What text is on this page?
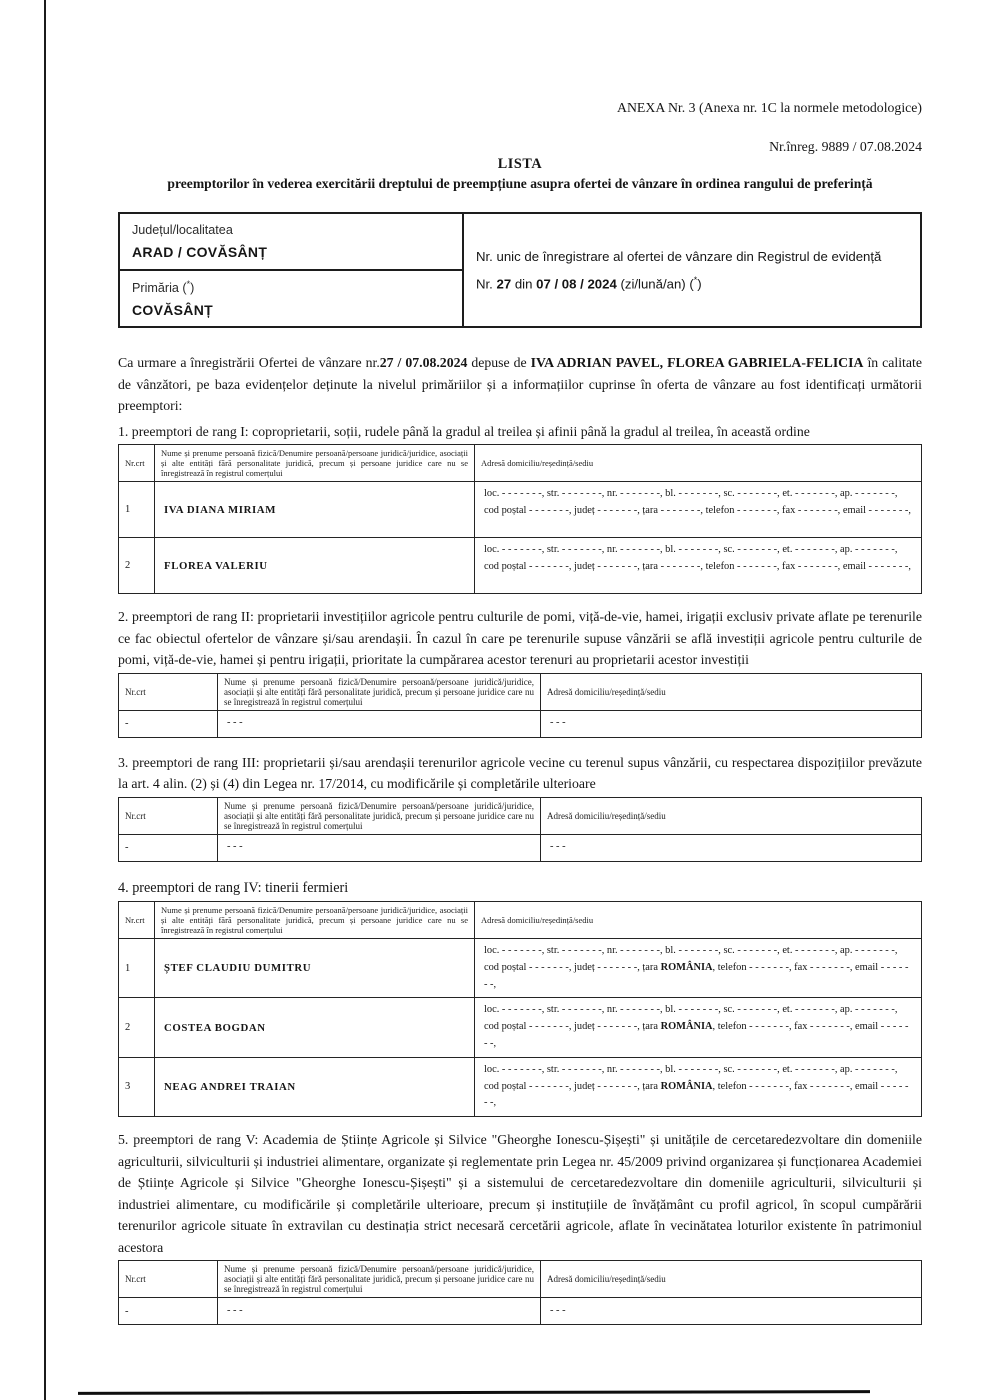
ANEXA Nr. 3 (Anexa nr. 1C la normele metodologice)
Nr.înreg. 9889 / 07.08.2024
LISTA
preemptorilor în vederea exercitării dreptului de preempțiune asupra ofertei de vânzare în ordinea rangului de preferință
Județul/localitatea
ARAD / COVĂSÂNȚ	Nr. unic de înregistrare al ofertei de vânzare din Registrul de evidență
Nr. 27 din 07 / 08 / 2024 (zi/lună/an) (*)

Primăria (*)
COVĂSÂNȚ

Ca urmare a înregistrării Ofertei de vânzare nr.27 / 07.08.2024 depuse de IVA ADRIAN PAVEL, FLOREA GABRIELA-FELICIA în calitate de vânzători, pe baza evidențelor deținute la nivelul primăriilor și a informațiilor cuprinse în oferta de vânzare au fost identificați următorii preemptori:

1. preemptori de rang I: coproprietarii, soții, rudele până la gradul al treilea și afinii până la gradul al treilea, în această ordine

Nr.crt	Nume și prenume persoană fizică/Denumire persoană/persoane juridică/juridice, asociații și alte entități fără personalitate juridică, precum și persoane juridice care nu se înregistrează în registrul comerțului	Adresă domiciliu/reședință/sediu
1	IVA DIANA MIRIAM	loc. - - - - - - -, str. - - - - - - -, nr. - - - - - - -, bl. - - - - - - -, sc. - - - - - - -, et. - - - - - - -, ap. - - - - - - -, cod poștal - - - - - - -, județ - - - - - - -, țara - - - - - - -, telefon - - - - - - -, fax - - - - - - -, email - - - - - - -,
2	FLOREA VALERIU	loc. - - - - - - -, str. - - - - - - -, nr. - - - - - - -, bl. - - - - - - -, sc. - - - - - - -, et. - - - - - - -, ap. - - - - - - -, cod poștal - - - - - - -, județ - - - - - - -, țara - - - - - - -, telefon - - - - - - -, fax - - - - - - -, email - - - - - - -,

2. preemptori de rang II: proprietarii investițiilor agricole pentru culturile de pomi, viță-de-vie, hamei, irigații exclusiv private aflate pe terenurile ce fac obiectul ofertelor de vânzare și/sau arendașii. În cazul în care pe terenurile supuse vânzării se află investiții agricole pentru culturile de pomi, viță-de-vie, hamei și pentru irigații, prioritate la cumpărarea acestor terenuri au proprietarii acestor investiții

Nr.crt	Nume și prenume persoană fizică/Denumire persoană/persoane juridică/juridice, asociații și alte entități fără personalitate juridică, precum și persoane juridice care nu se înregistrează în registrul comerțului	Adresă domiciliu/reședință/sediu
-	- - -	- - -

3. preemptori de rang III: proprietarii și/sau arendașii terenurilor agricole vecine cu terenul supus vânzării, cu respectarea dispozițiilor prevăzute la art. 4 alin. (2) și (4) din Legea nr. 17/2014, cu modificările și completările ulterioare

Nr.crt	Nume și prenume persoană fizică/Denumire persoană/persoane juridică/juridice, asociații și alte entități fără personalitate juridică, precum și persoane juridice care nu se înregistrează în registrul comerțului	Adresă domiciliu/reședință/sediu
-	- - -	- - -

4. preemptori de rang IV: tinerii fermieri

Nr.crt	Nume și prenume persoană fizică/Denumire persoană/persoane juridică/juridice, asociații și alte entități fără personalitate juridică, precum și persoane juridice care nu se înregistrează în registrul comerțului	Adresă domiciliu/reședință/sediu
1	ȘTEF CLAUDIU DUMITRU	loc. - - - - - - -, str. - - - - - - -, nr. - - - - - - -, bl. - - - - - - -, sc. - - - - - - -, et. - - - - - - -, ap. - - - - - - -, cod poștal - - - - - - -, județ - - - - - - -, țara ROMÂNIA, telefon - - - - - - -, fax - - - - - - -, email - - - - - - -,
2	COSTEA BOGDAN	loc. - - - - - - -, str. - - - - - - -, nr. - - - - - - -, bl. - - - - - - -, sc. - - - - - - -, et. - - - - - - -, ap. - - - - - - -, cod poștal - - - - - - -, județ - - - - - - -, țara ROMÂNIA, telefon - - - - - - -, fax - - - - - - -, email - - - - - - -,
3	NEAG ANDREI TRAIAN	loc. - - - - - - -, str. - - - - - - -, nr. - - - - - - -, bl. - - - - - - -, sc. - - - - - - -, et. - - - - - - -, ap. - - - - - - -, cod poștal - - - - - - -, județ - - - - - - -, țara ROMÂNIA, telefon - - - - - - -, fax - - - - - - -, email - - - - - - -,

5. preemptori de rang V: Academia de Științe Agricole și Silvice "Gheorghe Ionescu-Șișești" și unitățile de cercetaredezvoltare din domeniile agriculturii, silviculturii și industriei alimentare, organizate și reglementate prin Legea nr. 45/2009 privind organizarea și funcționarea Academiei de Științe Agricole și Silvice "Gheorghe Ionescu-Șișești" și a sistemului de cercetaredezvoltare din domeniile agriculturii, silviculturii și industriei alimentare, cu modificările și completările ulterioare, precum și instituțiile de învățământ cu profil agricol, în scopul cumpărării terenurilor agricole situate în extravilan cu destinația strict necesară cercetării agricole, aflate în vecinătatea loturilor existente în patrimoniul acestora

Nr.crt	Nume și prenume persoană fizică/Denumire persoană/persoane juridică/juridice, asociații și alte entități fără personalitate juridică, precum și persoane juridice care nu se înregistrează în registrul comerțului	Adresă domiciliu/reședință/sediu
-	- - -	- - -
